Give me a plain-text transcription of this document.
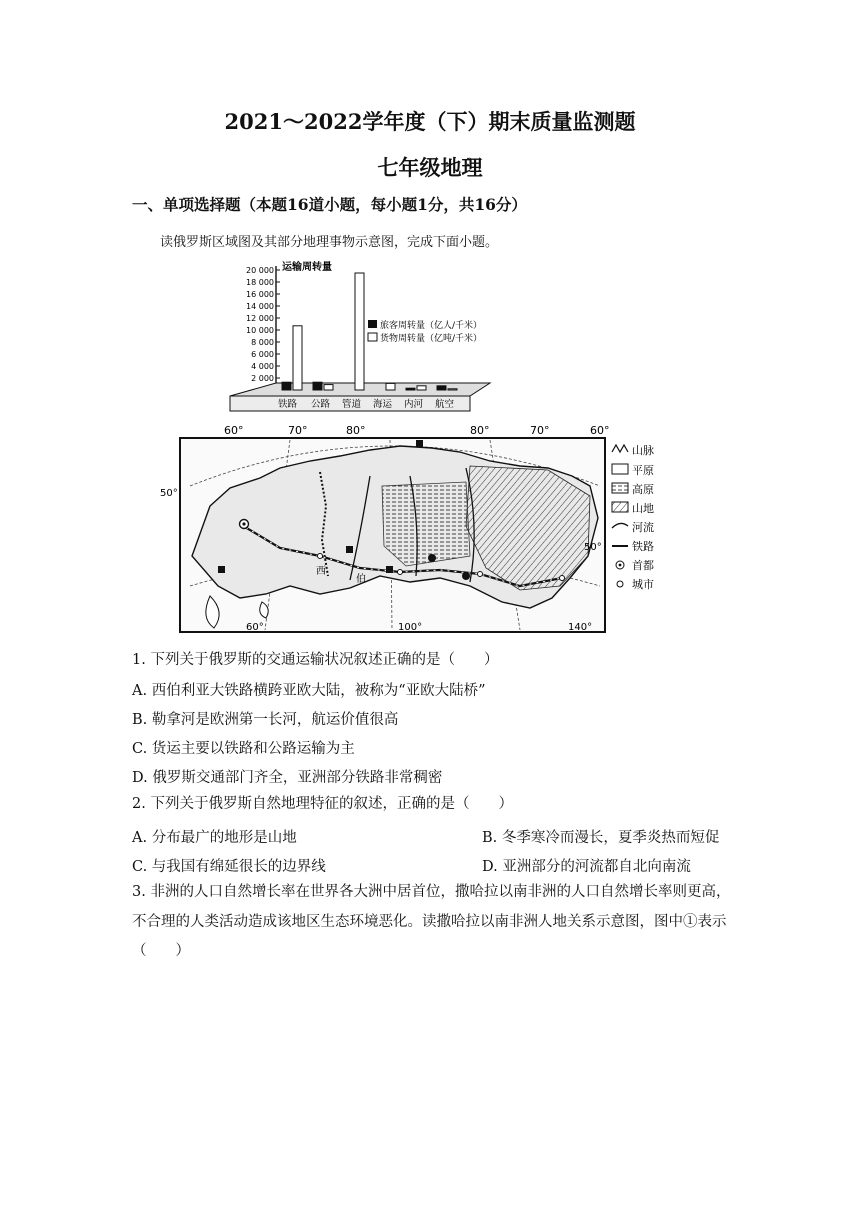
2021～2022学年度（下）期末质量监测题
七年级地理
一、单项选择题（本题16道小题，每小题1分，共16分）
读俄罗斯区域图及其部分地理事物示意图，完成下面小题。
运输周转量
20 000
18 000
16 000
14 000
12 000
10 000
8 000
6 000
4 000
2 000
铁路 公路 管道 海运 内河 航空
旅客周转量（亿人/千米）
货物周转量（亿吨/千米）
60°	70°	80°	80°	70°	60°
伯
西
50°
50°
60°	100°	140°
山脉
平原
高原
山地
河流
铁路
首都
城市
1. 下列关于俄罗斯的交通运输状况叙述正确的是（　　）
A. 西伯利亚大铁路横跨亚欧大陆，被称为“亚欧大陆桥”
B. 勒拿河是欧洲第一长河，航运价值很高
C. 货运主要以铁路和公路运输为主
D. 俄罗斯交通部门齐全，亚洲部分铁路非常稠密
2. 下列关于俄罗斯自然地理特征的叙述，正确的是（　　）
A. 分布最广的地形是山地	B. 冬季寒冷而漫长，夏季炎热而短促
C. 与我国有绵延很长的边界线	D. 亚洲部分的河流都自北向南流
3. 非洲的人口自然增长率在世界各大洲中居首位，撒哈拉以南非洲的人口自然增长率则更高，不合理的人类活动造成该地区生态环境恶化。读撒哈拉以南非洲人地关系示意图，图中①表示（　　）
